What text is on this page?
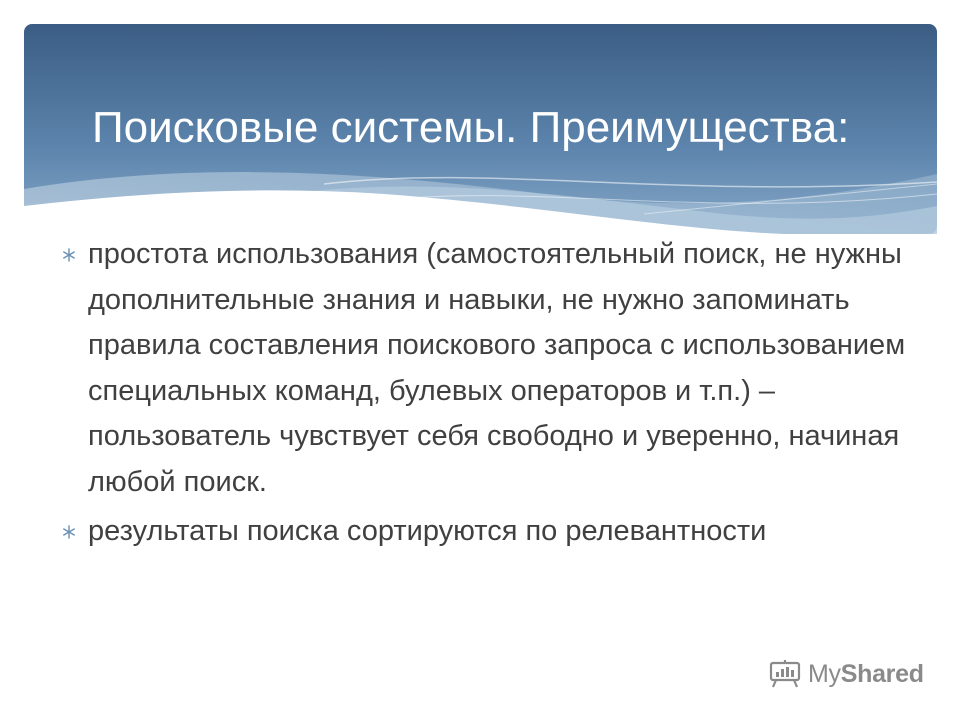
Поисковые системы. Преимущества:
простота использования (самостоятельный поиск, не нужны дополнительные знания и навыки, не нужно запоминать правила составления поискового запроса с использованием специальных команд, булевых операторов и т.п.) – пользователь чувствует себя свободно и уверенно, начиная любой поиск.
результаты поиска сортируются по релевантности
MyShared
